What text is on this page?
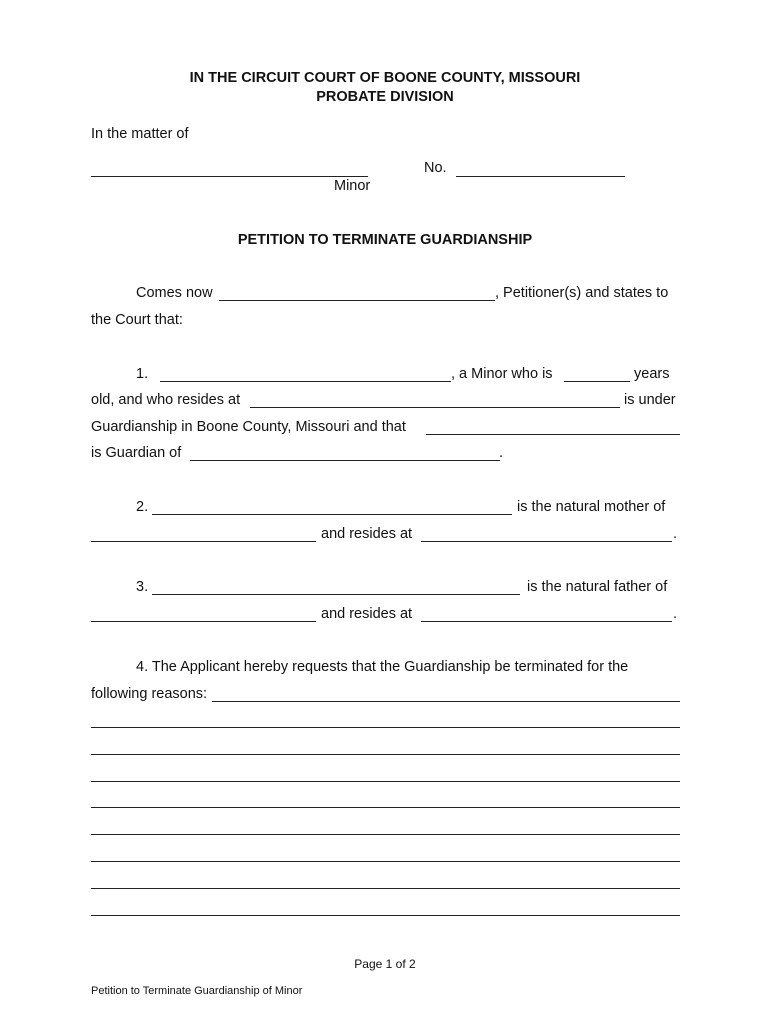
IN THE CIRCUIT COURT OF BOONE COUNTY, MISSOURI
PROBATE DIVISION
In the matter of
No.
Minor
PETITION TO TERMINATE GUARDIANSHIP
Comes now	, Petitioner(s) and states to
the Court that:
1.	, a Minor who is	years
old, and who resides at	is under
Guardianship in Boone County, Missouri and that
is Guardian of	.
2.	is the natural mother of
and resides at	.
3.	is the natural father of
and resides at	.
4. The Applicant hereby requests that the Guardianship be terminated for the
following reasons:
Page 1 of 2
Petition to Terminate Guardianship of Minor
